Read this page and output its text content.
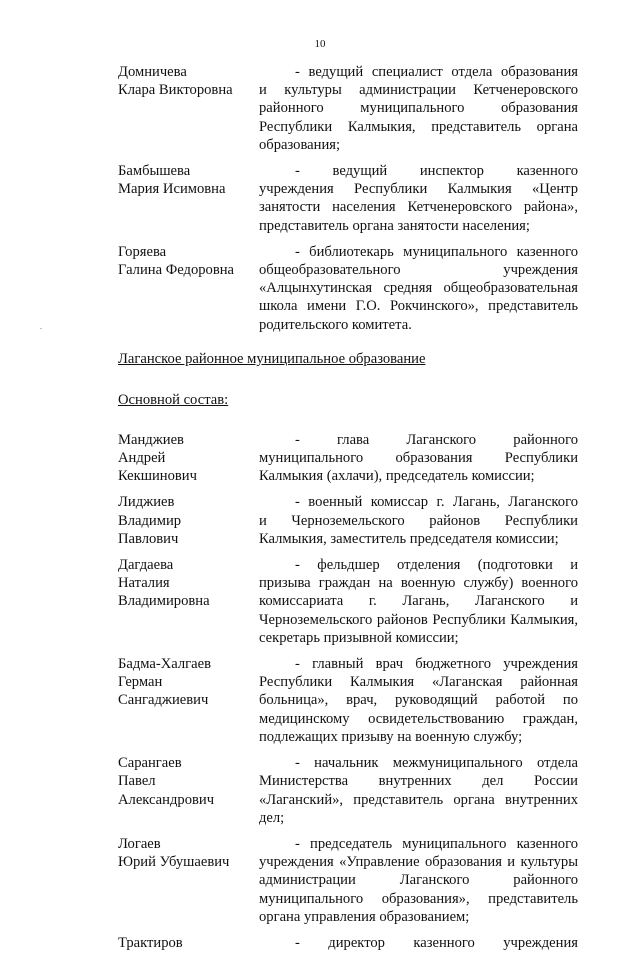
10
-
Домничева
Клара Викторовна
- ведущий специалист отдела образования
и культуры администрации Кетченеровского районного муниципального образования Республики Калмыкия, представитель органа образования;
Бамбышева
Мария Исимовна
- ведущий инспектор казенного
учреждения Республики Калмыкия «Центр занятости населения Кетченеровского района», представитель органа занятости населения;
Горяева
Галина Федоровна
- библиотекарь муниципального казенного
общеобразовательного учреждения «Алцынхутинская средняя общеобразовательная школа имени Г.О. Рокчинского», представитель родительского комитета.
Лаганское районное муниципальное образование
Основной состав:
Манджиев
Андрей
Кекшинович
- глава Лаганского районного
муниципального образования Республики Калмыкия (ахлачи), председатель комиссии;
Лиджиев
Владимир
Павлович
- военный комиссар г. Лагань, Лаганского
и Черноземельского районов Республики Калмыкия, заместитель председателя комиссии;
Дагдаева
Наталия
Владимировна
- фельдшер отделения (подготовки и
призыва граждан на военную службу) военного комиссариата г. Лагань, Лаганского и Черноземельского районов Республики Калмыкия, секретарь призывной комиссии;
Бадма-Халгаев
Герман
Сангаджиевич
- главный врач бюджетного учреждения
Республики Калмыкия «Лаганская районная больница», врач, руководящий работой по медицинскому освидетельствованию граждан, подлежащих призыву на военную службу;
Сарангаев
Павел
Александрович
- начальник межмуниципального отдела
Министерства внутренних дел России «Лаганский», представитель органа внутренних дел;
Логаев
Юрий Убушаевич
- председатель муниципального казенного
учреждения «Управление образования и культуры администрации Лаганского районного муниципального образования», представитель органа управления образованием;
Трактиров	- директор казенного учреждения
